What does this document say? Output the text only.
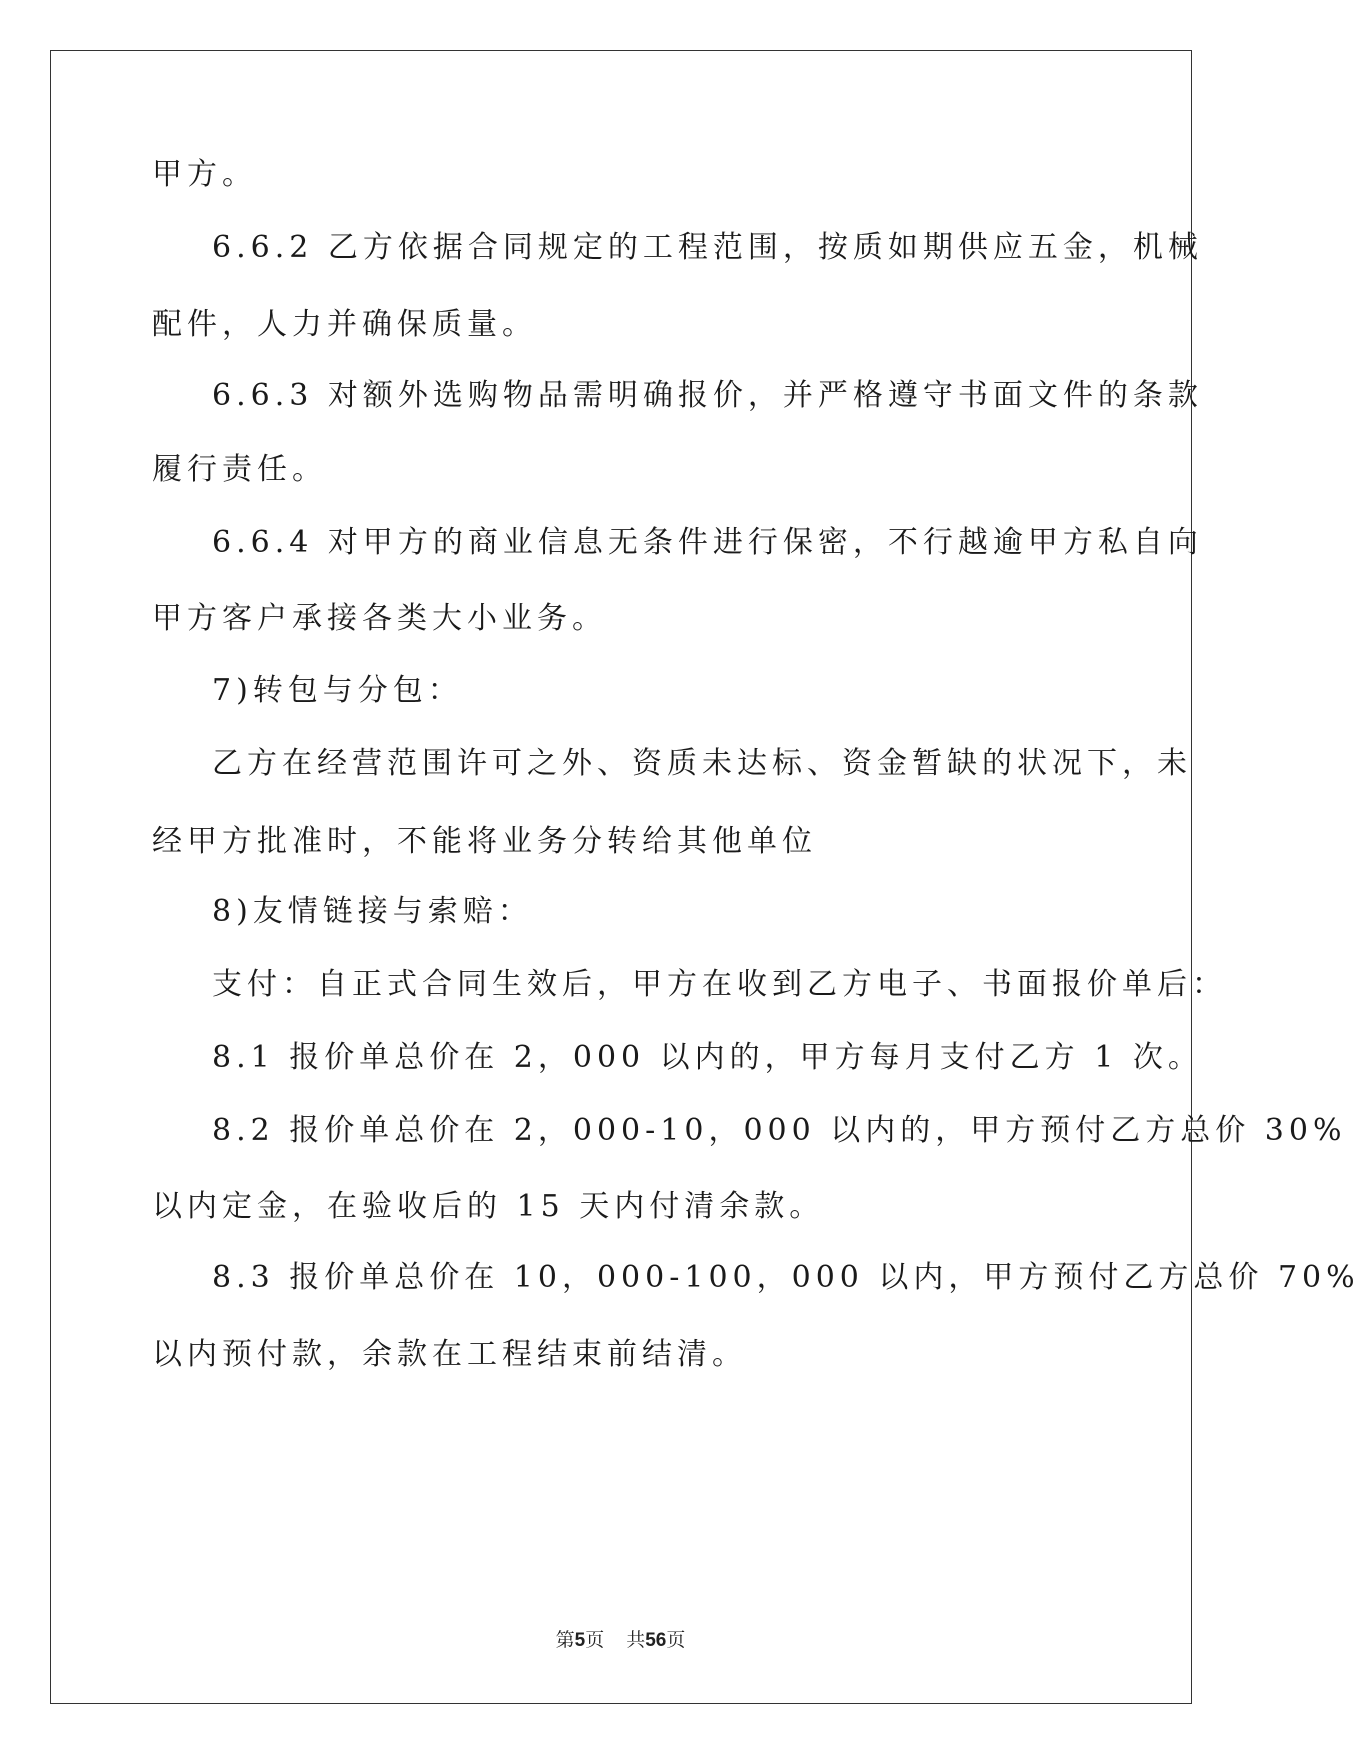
甲方。
6.6.2 乙方依据合同规定的工程范围，按质如期供应五金，机械
配件，人力并确保质量。
6.6.3 对额外选购物品需明确报价，并严格遵守书面文件的条款
履行责任。
6.6.4 对甲方的商业信息无条件进行保密，不行越逾甲方私自向
甲方客户承接各类大小业务。
7)转包与分包：
乙方在经营范围许可之外、资质未达标、资金暂缺的状况下，未
经甲方批准时，不能将业务分转给其他单位
8)友情链接与索赔：
支付：自正式合同生效后，甲方在收到乙方电子、书面报价单后：
8.1 报价单总价在 2，000 以内的，甲方每月支付乙方 1 次。
8.2 报价单总价在 2，000-10，000 以内的，甲方预付乙方总价 30%
以内定金，在验收后的 15 天内付清余款。
8.3 报价单总价在 10，000-100，000 以内，甲方预付乙方总价 70%
以内预付款，余款在工程结束前结清。
第5页 共56页
